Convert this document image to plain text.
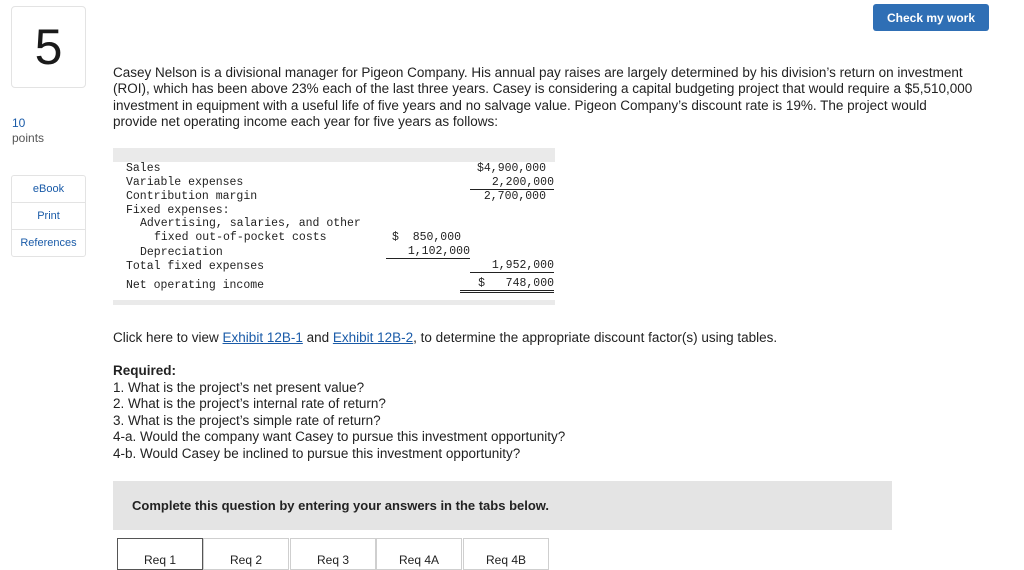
5
10
points
eBook
Print
References
Check my work

Casey Nelson is a divisional manager for Pigeon Company. His annual pay raises are largely determined by his division’s return on investment (ROI), which has been above 23% each of the last three years. Casey is considering a capital budgeting project that would require a $5,510,000 investment in equipment with a useful life of five years and no salvage value. Pigeon Company’s discount rate is 19%. The project would provide net operating income each year for five years as follows:

Sales	$4,900,000
Variable expenses	2,200,000
Contribution margin	2,700,000
Fixed expenses:
Advertising, salaries, and other
fixed out-of-pocket costs	$  850,000
Depreciation	1,102,000
Total fixed expenses	1,952,000
Net operating income	$   748,000

Click here to view Exhibit 12B-1 and Exhibit 12B-2, to determine the appropriate discount factor(s) using tables.

Required:
1. What is the project’s net present value?
2. What is the project’s internal rate of return?
3. What is the project’s simple rate of return?
4-a. Would the company want Casey to pursue this investment opportunity?
4-b. Would Casey be inclined to pursue this investment opportunity?
Complete this question by entering your answers in the tabs below.
Req 1	Req 2	Req 3	Req 4A	Req 4B
